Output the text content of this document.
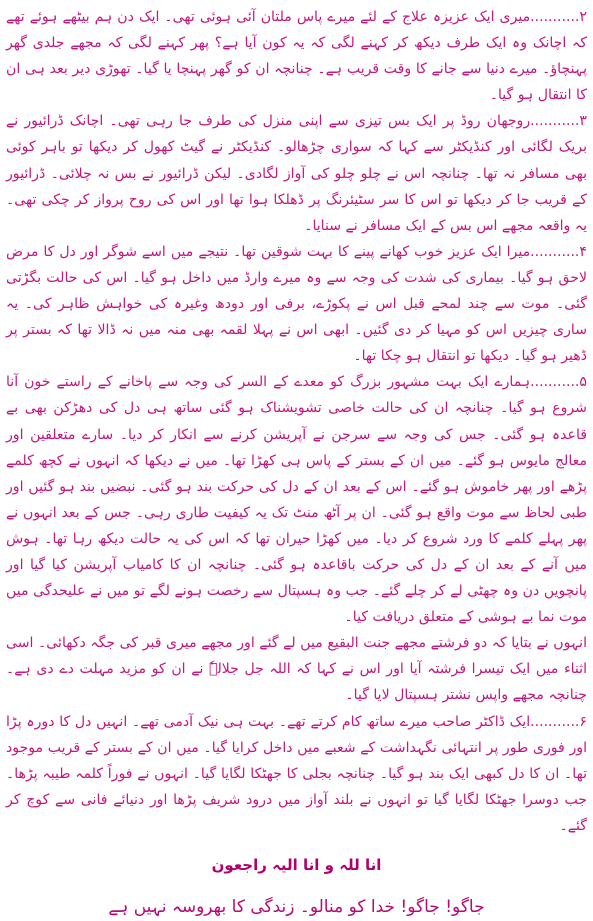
۲...........میری ایک عزیزہ علاج کے لئے میرے پاس ملتان آئی ہوئی تھی۔ ایک دن ہم بیٹھے ہوئے تھے کہ اچانک وہ ایک طرف دیکھ کر کہنے لگی کہ یہ کون آیا ہے؟ پھر کہنے لگی کہ مجھے جلدی گھر پہنچاؤ۔ میرے دنیا سے جانے کا وقت قریب ہے۔ چنانچہ ان کو گھر پہنچا یا گیا۔ تھوڑی دیر بعد ہی ان کا انتقال ہو گیا۔

۳...........روجھان روڈ پر ایک بس تیزی سے اپنی منزل کی طرف جا رہی تھی۔ اچانک ڈرائیور نے بریک لگائی اور کنڈیکٹر سے کہا کہ سواری چڑھالو۔ کنڈیکٹر نے گیٹ کھول کر دیکھا تو باہر کوئی بھی مسافر نہ تھا۔ چنانچہ اس نے چلو چلو کی آواز لگادی۔ لیکن ڈرائیور نے بس نہ چلائی۔ ڈرائیور کے قریب جا کر دیکھا تو اس کا سر سٹیئرنگ پر ڈھلکا ہوا تھا اور اس کی روح پرواز کر چکی تھی۔ یہ واقعہ مجھے اس بس کے ایک مسافر نے سنایا۔

۴...........میرا ایک عزیز خوب کھانے پینے کا بہت شوقین تھا۔ نتیجے میں اسے شوگر اور دل کا مرض لاحق ہو گیا۔ بیماری کی شدت کی وجہ سے وہ میرے وارڈ میں داخل ہو گیا۔ اس کی حالت بگڑتی گئی۔ موت سے چند لمحے قبل اس نے پکوڑے، برفی اور دودھ وغیرہ کی خواہش ظاہر کی۔ یہ ساری چیزیں اس کو مہیا کر دی گئیں۔ ابھی اس نے پہلا لقمہ بھی منہ میں نہ ڈالا تھا کہ بستر پر ڈھیر ہو گیا۔ دیکھا تو انتقال ہو چکا تھا۔

۵...........ہمارے ایک بہت مشہور بزرگ کو معدے کے السر کی وجہ سے پاخانے کے راستے خون آنا شروع ہو گیا۔ چنانچہ ان کی حالت خاصی تشویشناک ہو گئی ساتھ ہی دل کی دھڑکن بھی بے قاعدہ ہو گئی۔ جس کی وجہ سے سرجن نے آپریشن کرنے سے انکار کر دیا۔ سارے متعلقین اور معالج مایوس ہو گئے۔ میں ان کے بستر کے پاس ہی کھڑا تھا۔ میں نے دیکھا کہ انہوں نے کچھ کلمے پڑھے اور پھر خاموش ہو گئے۔ اس کے بعد ان کے دل کی حرکت بند ہو گئی۔ نبضیں بند ہو گئیں اور طبی لحاظ سے موت واقع ہو گئی۔ ان پر آٹھ منٹ تک یہ کیفیت طاری رہی۔ جس کے بعد انہوں نے پھر پہلے کلمے کا ورد شروع کر دیا۔ میں کھڑا حیران تھا کہ اس کی یہ حالت دیکھ رہا تھا۔ ہوش میں آنے کے بعد ان کے دل کی حرکت باقاعدہ ہو گئی۔ چنانچہ ان کا کامیاب آپریشن کیا گیا اور پانچویں دن وہ چھٹی لے کر چلے گئے۔ جب وہ ہسپتال سے رخصت ہونے لگے تو میں نے علیحدگی میں موت نما بے ہوشی کے متعلق دریافت کیا۔

انہوں نے بتایا کہ دو فرشتے مجھے جنت البقیع میں لے گئے اور مجھے میری قبر کی جگہ دکھائی۔ اسی اثناء میں ایک تیسرا فرشتہ آیا اور اس نے کہا کہ اللہ جل جلالہٗ نے ان کو مزید مہلت دے دی ہے۔ چنانچہ مجھے واپس نشتر ہسپتال لایا گیا۔

۶...........ایک ڈاکٹر صاحب میرے ساتھ کام کرتے تھے۔ بہت ہی نیک آدمی تھے۔ انہیں دل کا دورہ پڑا اور فوری طور پر انتہائی نگہداشت کے شعبے میں داخل کرایا گیا۔ میں ان کے بستر کے قریب موجود تھا۔ ان کا دل کبھی ایک بند ہو گیا۔ چنانچہ بجلی کا جھٹکا لگایا گیا۔ انہوں نے فوراً کلمہ طیبہ پڑھا۔ جب دوسرا جھٹکا لگایا گیا تو انہوں نے بلند آواز میں درود شریف پڑھا اور دنیائے فانی سے کوچ کر گئے۔

انا للہ و انا الیہ راجعون
جاگو! جاگو! خدا کو منالو۔ زندگی کا بھروسہ نہیں ہے
